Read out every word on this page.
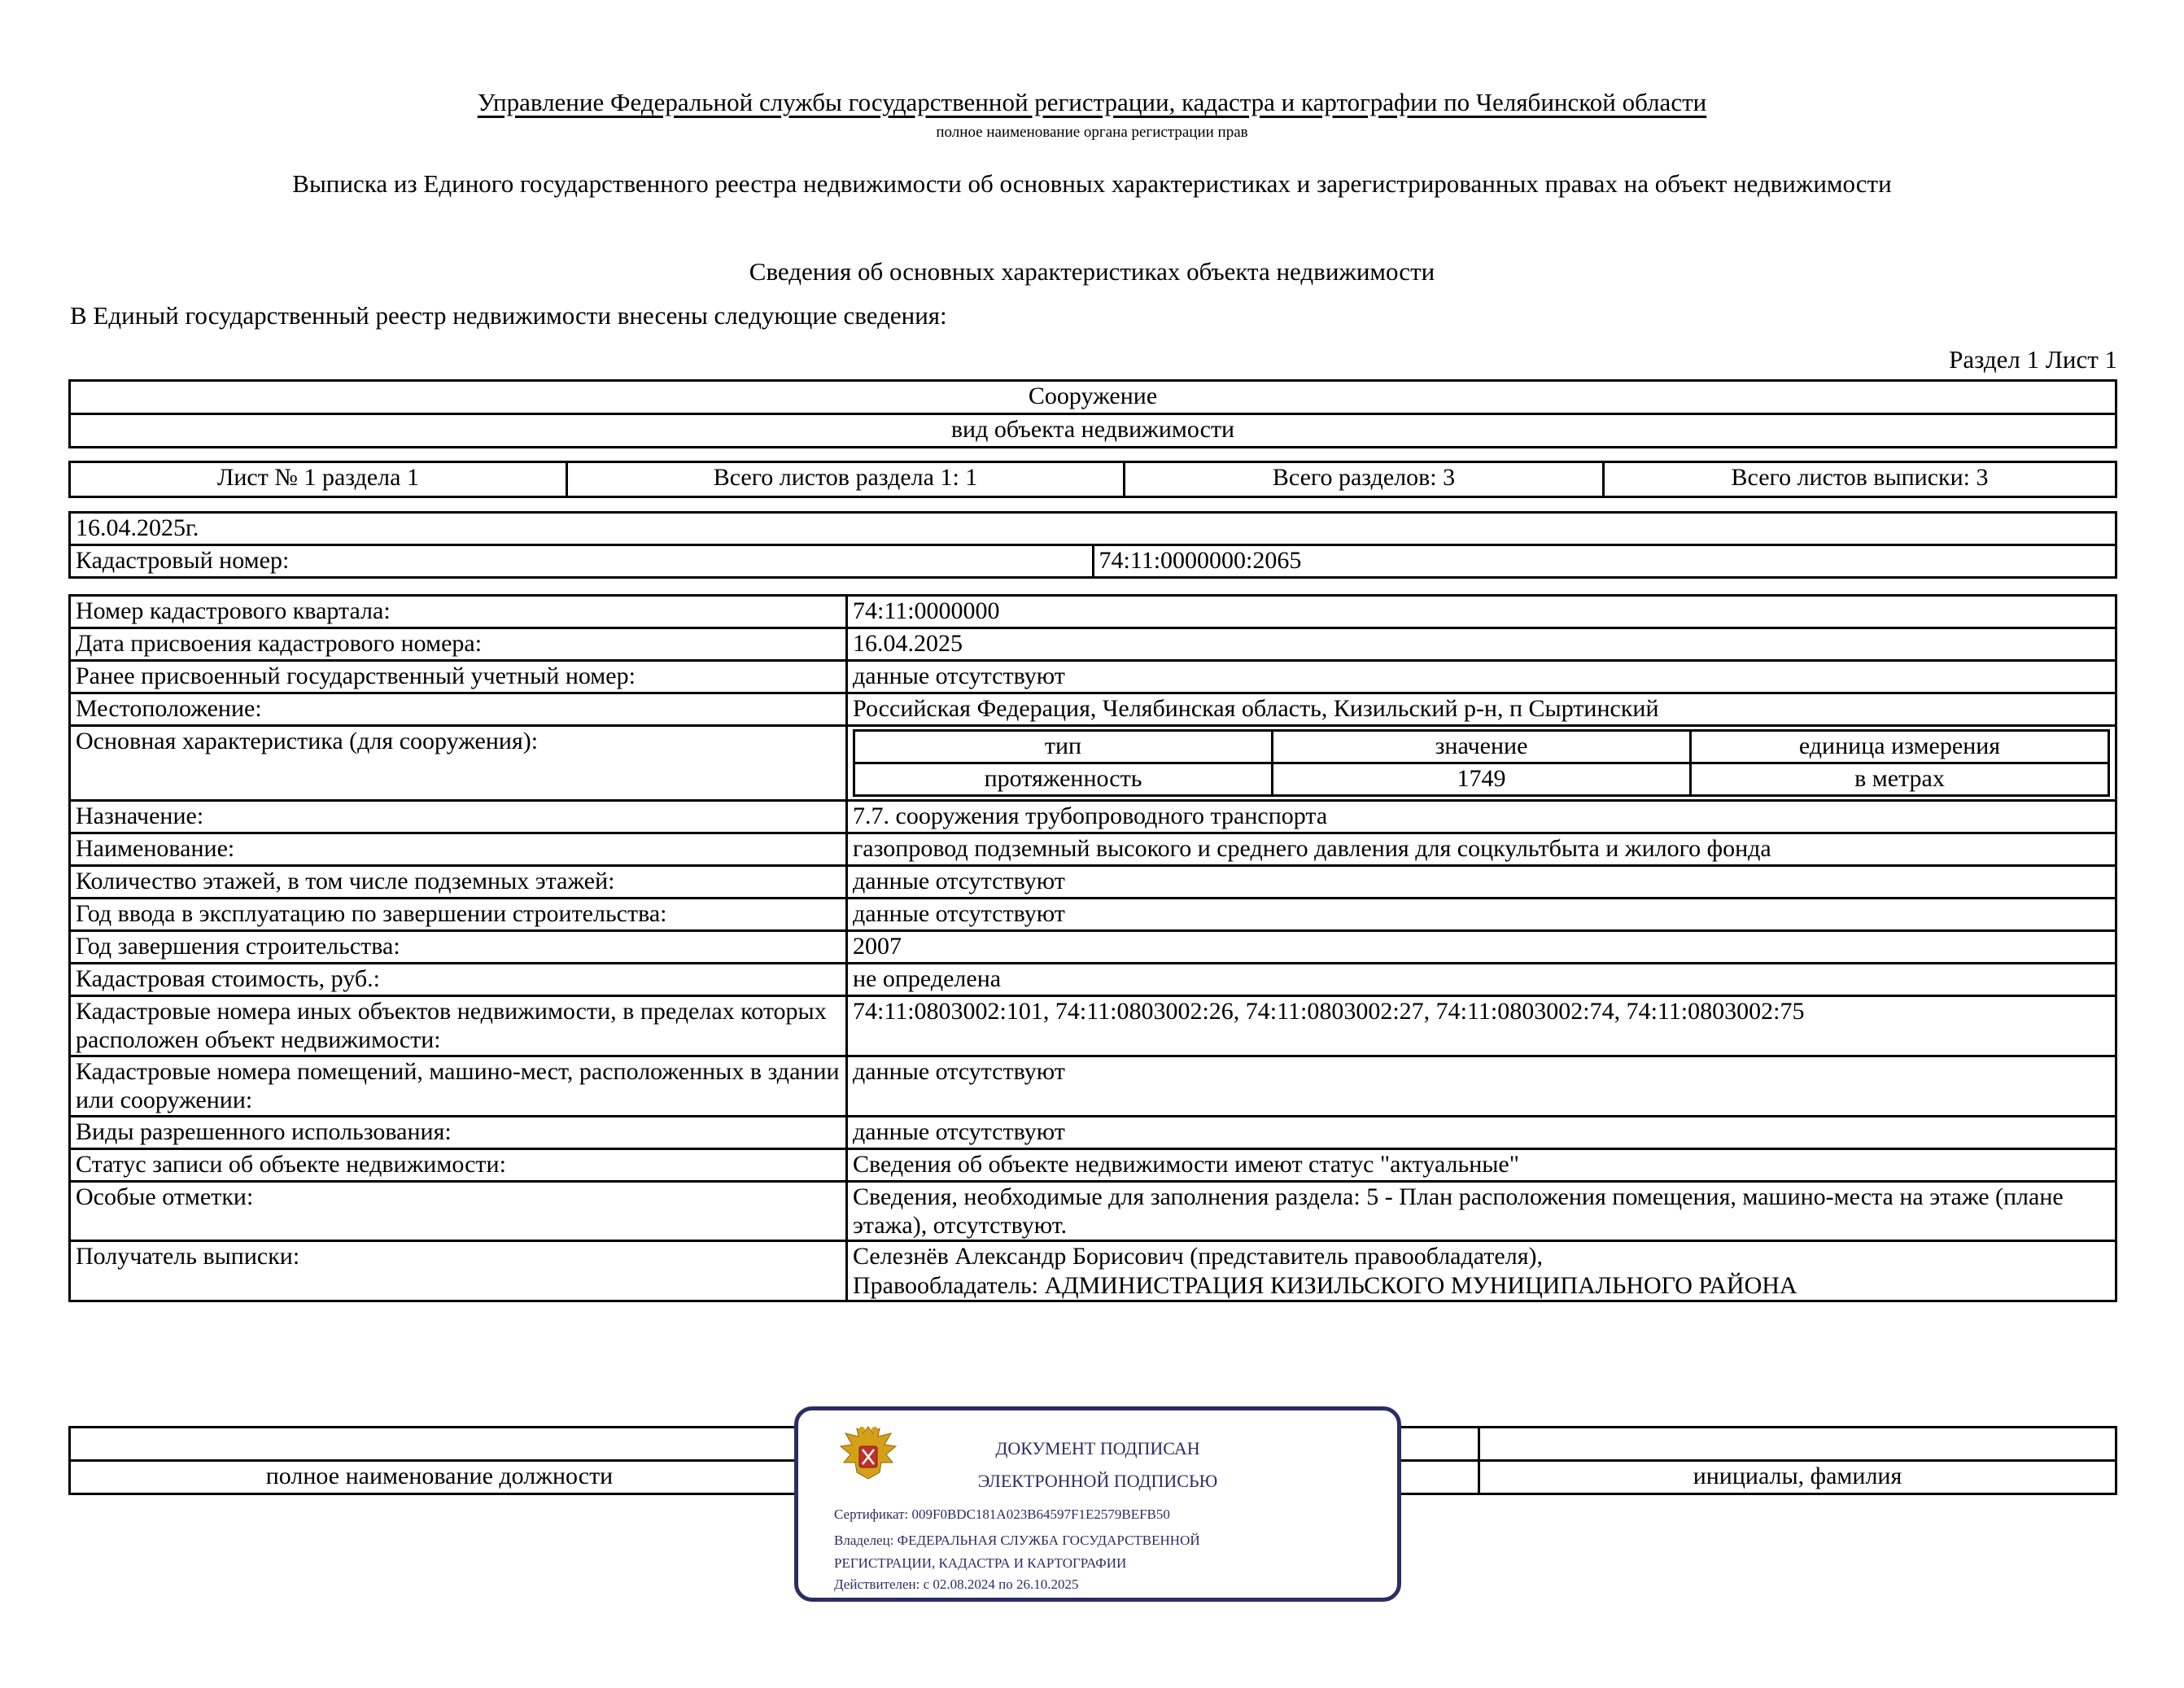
Управление Федеральной службы государственной регистрации, кадастра и картографии по Челябинской области
полное наименование органа регистрации прав
Выписка из Единого государственного реестра недвижимости об основных характеристиках и зарегистрированных правах на объект недвижимости
Сведения об основных характеристиках объекта недвижимости
В Единый государственный реестр недвижимости внесены следующие сведения:
Раздел 1 Лист 1
Сооружение
вид объекта недвижимости
Лист № 1 раздела 1	Всего листов раздела 1: 1	Всего разделов: 3	Всего листов выписки: 3
16.04.2025г.
Кадастровый номер:	74:11:0000000:2065
Номер кадастрового квартала:	74:11:0000000
Дата присвоения кадастрового номера:	16.04.2025
Ранее присвоенный государственный учетный номер:	данные отсутствуют
Местоположение:	Российская Федерация, Челябинская область, Кизильский р-н, п Сыртинский
Основная характеристика (для сооружения):		тип	значение	единица измерения
протяженность	1749	в метрах

Назначение:	7.7. сооружения трубопроводного транспорта
Наименование:	газопровод подземный высокого и среднего давления для соцкультбыта и жилого фонда
Количество этажей, в том числе подземных этажей:	данные отсутствуют
Год ввода в эксплуатацию по завершении строительства:	данные отсутствуют
Год завершения строительства:	2007
Кадастровая стоимость, руб.:	не определена
Кадастровые номера иных объектов недвижимости, в пределах которых расположен объект недвижимости:	74:11:0803002:101, 74:11:0803002:26, 74:11:0803002:27, 74:11:0803002:74, 74:11:0803002:75
Кадастровые номера помещений, машино-мест, расположенных в здании или сооружении:	данные отсутствуют
Виды разрешенного использования:	данные отсутствуют
Статус записи об объекте недвижимости:	Сведения об объекте недвижимости имеют статус "актуальные"
Особые отметки:	Сведения, необходимые для заполнения раздела: 5 - План расположения помещения, машино-места на этаже (плане этажа), отсутствуют.
Получатель выписки:	Селезнёв Александр Борисович (представитель правообладателя),
Правообладатель: АДМИНИСТРАЦИЯ КИЗИЛЬСКОГО МУНИЦИПАЛЬНОГО РАЙОНА

полное наименование должности		инициалы, фамилия
ДОКУМЕНТ ПОДПИСАН
ЭЛЕКТРОННОЙ ПОДПИСЬЮ
Сертификат: 009F0BDC181A023B64597F1E2579BEFB50
Владелец: ФЕДЕРАЛЬНАЯ СЛУЖБА ГОСУДАРСТВЕННОЙ
РЕГИСТРАЦИИ, КАДАСТРА И КАРТОГРАФИИ
Действителен: с 02.08.2024 по 26.10.2025
